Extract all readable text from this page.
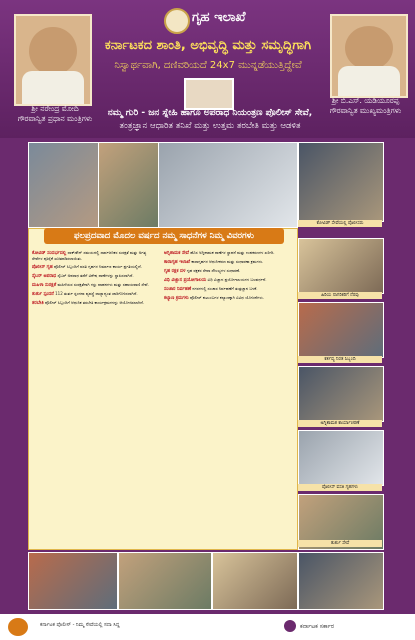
ಗೃಹ ಇಲಾಖೆ
ಕರ್ನಾಟಕದ ಶಾಂತಿ, ಅಭಿವೃದ್ಧಿ ಮತ್ತು ಸಮೃದ್ಧಿಗಾಗಿ
ನಿಸ್ವಾರ್ಥವಾಗಿ, ದಣಿವರಿಯದೆ 24x7 ಮುನ್ನಡೆಯುತ್ತಿದ್ದೇವೆ
ಶ್ರೀ ನರೇಂದ್ರ ಮೋದಿ
ಗೌರವಾನ್ವಿತ ಪ್ರಧಾನ ಮಂತ್ರಿಗಳು
ಶ್ರೀ ಬಿ.ಎಸ್. ಯಡಿಯೂರಪ್ಪ
ಗೌರವಾನ್ವಿತ ಮುಖ್ಯಮಂತ್ರಿಗಳು
ನಮ್ಮ ಗುರಿ - ಜನ ಸ್ನೇಹಿ ಹಾಗೂ ಅಪರಾಧ ನಿಯಂತ್ರಣ ಪೊಲೀಸ್ ಸೇವೆ,
ತಂತ್ರಜ್ಞಾನ ಆಧಾರಿತ ತನಿಖೆ ಮತ್ತು ಉತ್ತಮ ತರಬೇತಿ ಮತ್ತು ಆಡಳಿತ
ಕೋವಿಡ್ ಸೇವೆಯಲ್ಲಿ ಪೊಲೀಸರು
ಹಿರಿಯ ನಾಗರಿಕರಿಗೆ ನೆರವು
ಕರ್ತವ್ಯ ನಿರತ ಸಿಬ್ಬಂದಿ
ಅಗ್ನಿಶಾಮಕ ಕಾರ್ಯಾಚರಣೆ
ಪೊಲೀಸ್ ವಸತಿ ಗೃಹಗಳು
ತುರ್ತು ಸೇವೆ
ಫಲಪ್ರದವಾದ ಮೊದಲ ವರ್ಷದ ನಮ್ಮ ಸಾಧನೆಗಳ ನಿಮ್ಮ ವಿವರಗಳು

ಕೋವಿಡ್ ಸಂದರ್ಭದಲ್ಲಿ ಲಾಕ್‌ಡೌನ್ ಸಮಯದಲ್ಲಿ ಸಾರ್ವಜನಿಕರ ಸುರಕ್ಷತೆ ಮತ್ತು ಅಗತ್ಯ ಸೇವೆಗಳ ಪೂರೈಕೆ ಖಚಿತಪಡಿಸಲಾಯಿತು.

ಪೊಲೀಸ್ ಗೃಹ ಪೊಲೀಸ್ ಸಿಬ್ಬಂದಿಗೆ ವಸತಿ ಗೃಹಗಳ ನಿರ್ಮಾಣ ಕಾರ್ಯ ಪ್ರಗತಿಯಲ್ಲಿದೆ.

ಸೈಬರ್ ಅಪರಾಧ ಸೈಬರ್ ಅಪರಾಧ ತಡೆಗೆ ವಿಶೇಷ ಠಾಣೆಗಳನ್ನು ಸ್ಥಾಪಿಸಲಾಗಿದೆ.

ಮಹಿಳಾ ಸುರಕ್ಷತೆ ಮಹಿಳೆಯರ ಸುರಕ್ಷತೆಗಾಗಿ ಗಸ್ತು ವಾಹನಗಳು ಮತ್ತು ಸಹಾಯವಾಣಿ ಸೇವೆ.

ತುರ್ತು ಸ್ಪಂದನೆ 112 ತುರ್ತು ಸ್ಪಂದನಾ ವ್ಯವಸ್ಥೆ ರಾಜ್ಯಾದ್ಯಂತ ಜಾರಿಗೊಳಿಸಲಾಗಿದೆ.

ತರಬೇತಿ ಪೊಲೀಸ್ ಸಿಬ್ಬಂದಿಗೆ ಆಧುನಿಕ ತರಬೇತಿ ಕಾರ್ಯಕ್ರಮಗಳನ್ನು ಆಯೋಜಿಸಲಾಗಿದೆ.

ಅಗ್ನಿಶಾಮಕ ಸೇವೆ ಹೊಸ ಅಗ್ನಿಶಾಮಕ ಠಾಣೆಗಳ ಸ್ಥಾಪನೆ ಮತ್ತು ಉಪಕರಣಗಳ ಖರೀದಿ.

ಕಾರಾಗೃಹ ಇಲಾಖೆ ಕಾರಾಗೃಹಗಳ ಆಧುನೀಕರಣ ಮತ್ತು ಸುಧಾರಣಾ ಕ್ರಮಗಳು.

ಗೃಹ ರಕ್ಷಕ ದಳ ಗೃಹ ರಕ್ಷಕರ ಸೇವಾ ಸೌಲಭ್ಯಗಳ ಸುಧಾರಣೆ.

ವಿಧಿ ವಿಜ್ಞಾನ ಪ್ರಯೋಗಾಲಯ ವಿಧಿ ವಿಜ್ಞಾನ ಪ್ರಯೋಗಾಲಯಗಳ ಬಲವರ್ಧನೆ.

ಸಂಚಾರ ನಿರ್ವಹಣೆ ನಗರಗಳಲ್ಲಿ ಸಂಚಾರ ನಿರ್ವಹಣೆಗೆ ತಂತ್ರಜ್ಞಾನ ಬಳಕೆ.

ಕಲ್ಯಾಣ ಕ್ರಮಗಳು ಪೊಲೀಸ್ ಕುಟುಂಬಗಳ ಕಲ್ಯಾಣಕ್ಕಾಗಿ ವಿವಿಧ ಯೋಜನೆಗಳು.

ಕರ್ನಾಟಕ ಪೊಲೀಸ್ - ನಿಮ್ಮ ಸೇವೆಯಲ್ಲಿ ಸದಾ ಸಿದ್ಧ	ಕರ್ನಾಟಕ ಸರ್ಕಾರ
